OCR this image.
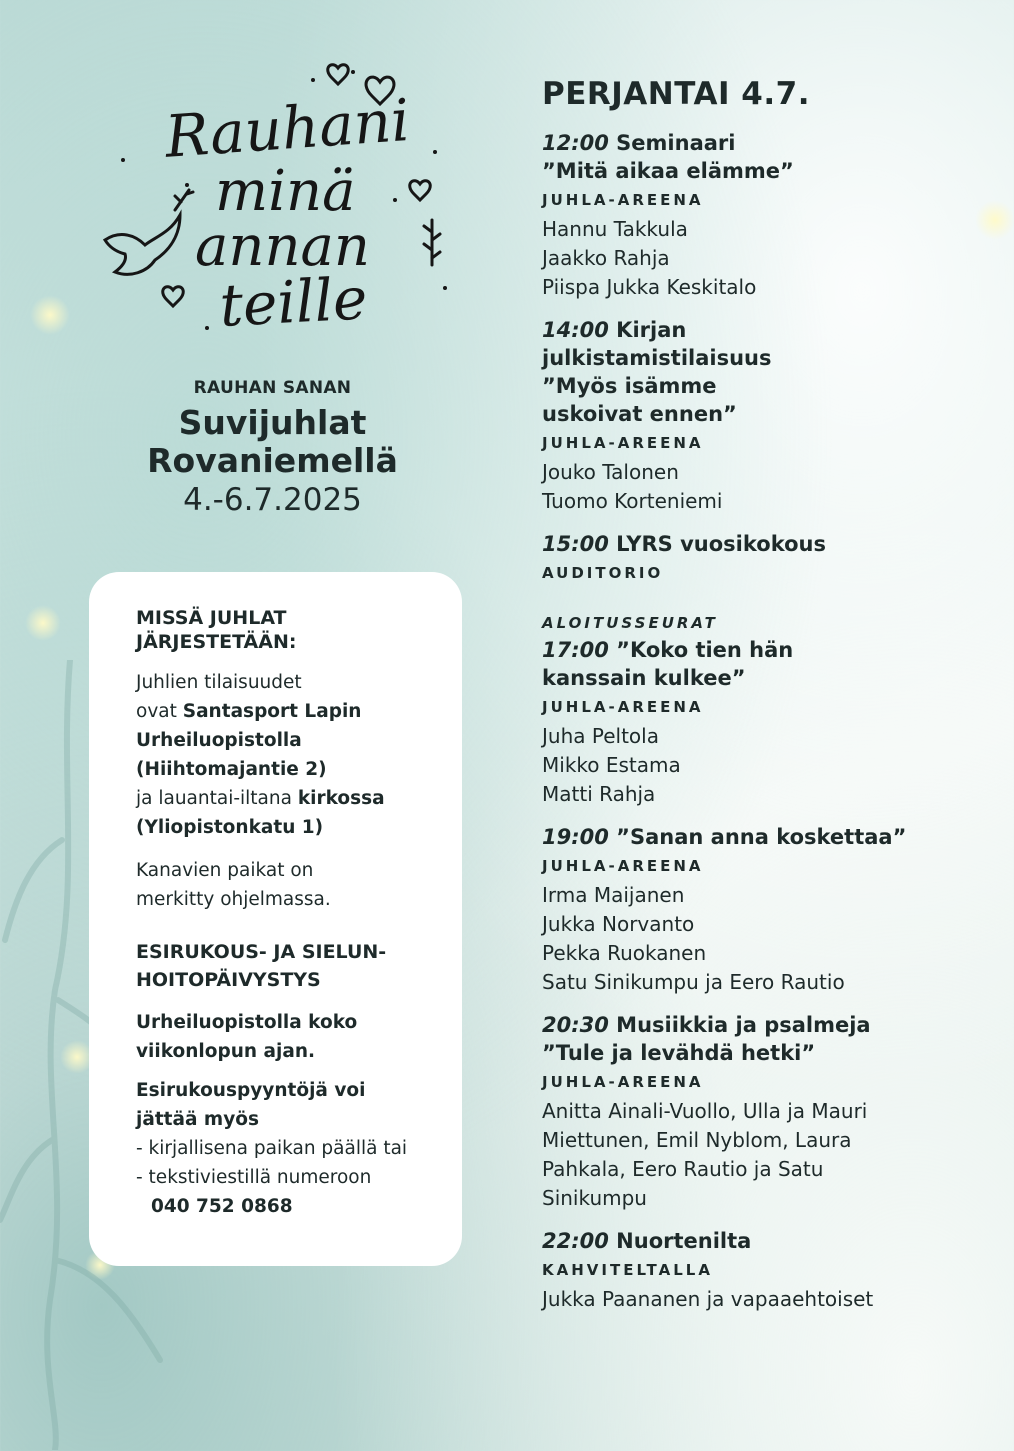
Rauhani
minä
annan
teille
RAUHAN SANAN
Suvijuhlat
Rovaniemellä
4.-6.7.2025
MISSÄ JUHLAT JÄRJESTETÄÄN:

Juhlien tilaisuudet
ovat Santasport Lapin
Urheiluopistolla
(Hiihtomajantie 2)
ja lauantai-iltana kirkossa
(Yliopistonkatu 1)

Kanavien paikat on
merkitty ohjelmassa.

ESIRUKOUS- JA SIELUN-
HOITOPÄIVYSTYS

Urheiluopistolla koko
viikonlopun ajan.

Esirukouspyyntöjä voi
jättää myös
- kirjallisena paikan päällä tai
- tekstiviestillä numeroon
040 752 0868
PERJANTAI 4.7.
12:00 Seminaari
”Mitä aikaa elämme”
JUHLA-AREENA
Hannu Takkula
Jaakko Rahja
Piispa Jukka Keskitalo
14:00 Kirjan
julkistamistilaisuus
”Myös isämme
uskoivat ennen”
JUHLA-AREENA
Jouko Talonen
Tuomo Korteniemi
15:00 LYRS vuosikokous
AUDITORIO
ALOITUSSEURAT
17:00 ”Koko tien hän
kanssain kulkee”
JUHLA-AREENA
Juha Peltola
Mikko Estama
Matti Rahja
19:00 ”Sanan anna koskettaa”
JUHLA-AREENA
Irma Maijanen
Jukka Norvanto
Pekka Ruokanen
Satu Sinikumpu ja Eero Rautio
20:30 Musiikkia ja psalmeja
”Tule ja levähdä hetki”
JUHLA-AREENA
Anitta Ainali-Vuollo, Ulla ja Mauri
Miettunen, Emil Nyblom, Laura
Pahkala, Eero Rautio ja Satu
Sinikumpu
22:00 Nuortenilta
KAHVITELTALLA
Jukka Paananen ja vapaaehtoiset
